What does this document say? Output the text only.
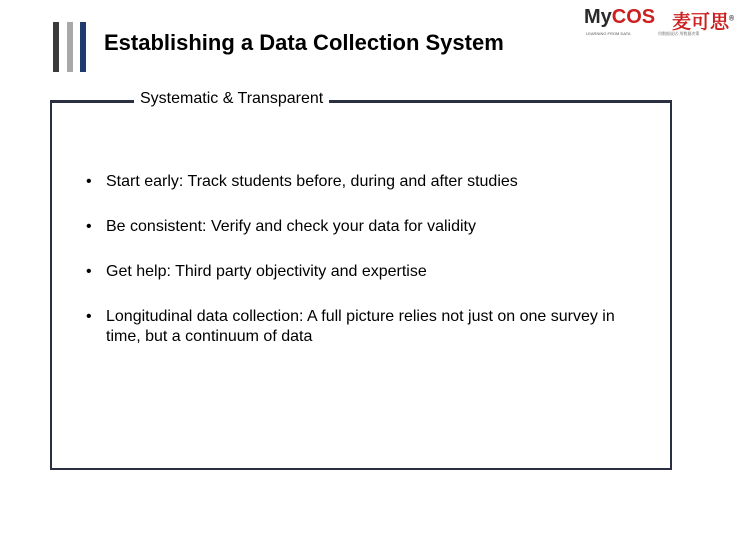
Establishing a Data Collection System
MyCOS 麦可思®
LEARNING FROM DATA	用数据说话·用数据决策
Systematic & Transparent
• Start early: Track students before, during and after studies
• Be consistent: Verify and check your data for validity
• Get help: Third party objectivity and expertise
• Longitudinal data collection: A full picture relies not just on one survey in time, but a continuum of data
